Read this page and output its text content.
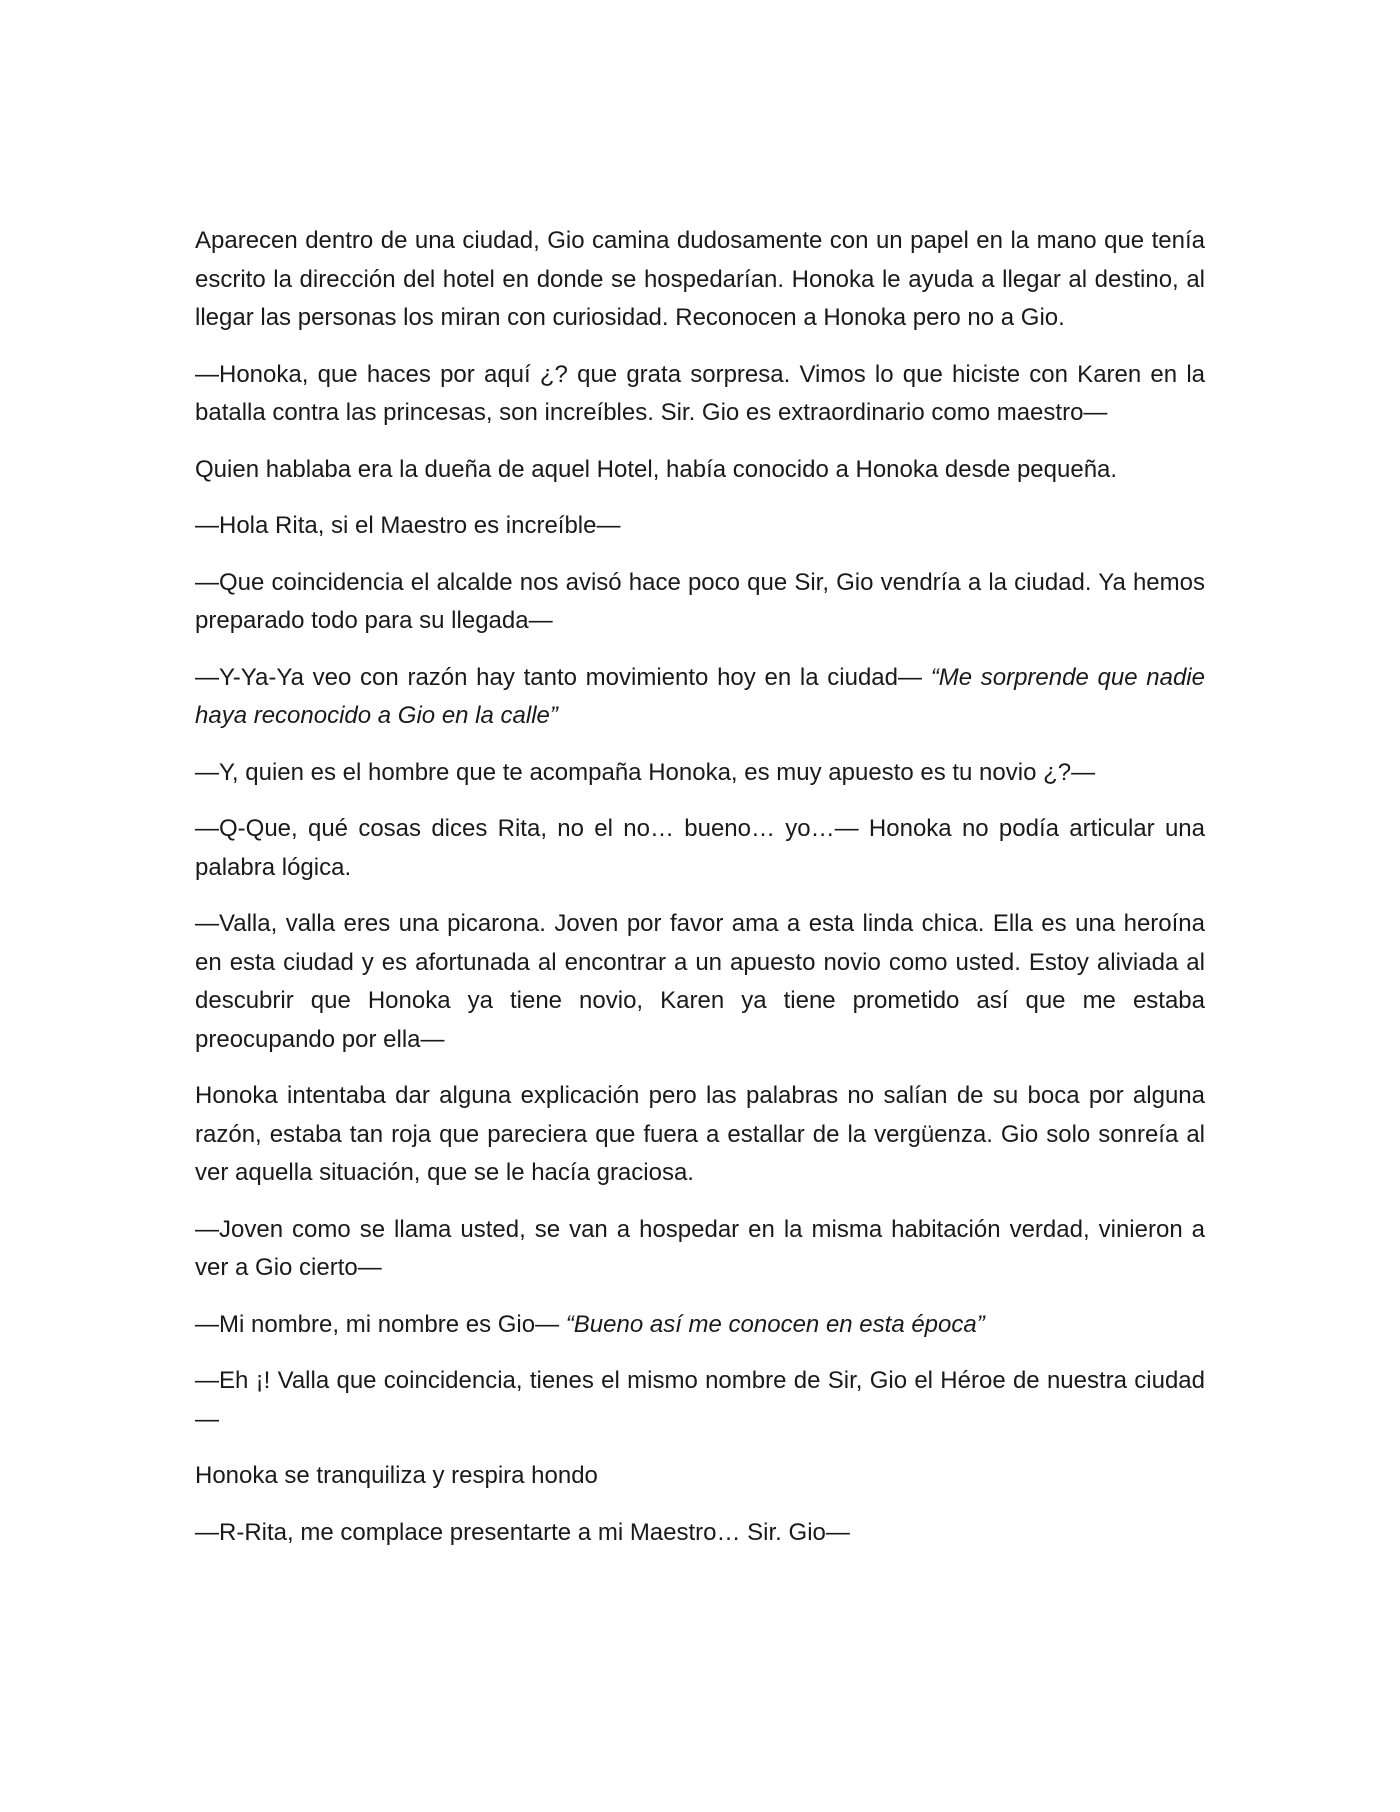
Aparecen dentro de una ciudad, Gio camina dudosamente con un papel en la mano que tenía escrito la dirección del hotel en donde se hospedarían. Honoka le ayuda a llegar al destino, al llegar las personas los miran con curiosidad. Reconocen a Honoka pero no a Gio.

—Honoka, que haces por aquí ¿? que grata sorpresa. Vimos lo que hiciste con Karen en la batalla contra las princesas, son increíbles. Sir. Gio es extraordinario como maestro—

Quien hablaba era la dueña de aquel Hotel, había conocido a Honoka desde pequeña.

—Hola Rita, si el Maestro es increíble—

—Que coincidencia el alcalde nos avisó hace poco que Sir, Gio vendría a la ciudad. Ya hemos preparado todo para su llegada—

—Y-Ya-Ya veo con razón hay tanto movimiento hoy en la ciudad— “Me sorprende que nadie haya reconocido a Gio en la calle”

—Y, quien es el hombre que te acompaña Honoka, es muy apuesto es tu novio ¿?—

—Q-Que, qué cosas dices Rita, no el no… bueno… yo…— Honoka no podía articular una palabra lógica.

—Valla, valla eres una picarona. Joven por favor ama a esta linda chica. Ella es una heroína en esta ciudad y es afortunada al encontrar a un apuesto novio como usted. Estoy aliviada al descubrir que Honoka ya tiene novio, Karen ya tiene prometido así que me estaba preocupando por ella—

Honoka intentaba dar alguna explicación pero las palabras no salían de su boca por alguna razón, estaba tan roja que pareciera que fuera a estallar de la vergüenza. Gio solo sonreía al ver aquella situación, que se le hacía graciosa.

—Joven como se llama usted, se van a hospedar en la misma habitación verdad, vinieron a ver a Gio cierto—

—Mi nombre, mi nombre es Gio— “Bueno así me conocen en esta época”

—Eh ¡! Valla que coincidencia, tienes el mismo nombre de Sir, Gio el Héroe de nuestra ciudad—

Honoka se tranquiliza y respira hondo

—R-Rita, me complace presentarte a mi Maestro… Sir. Gio—
